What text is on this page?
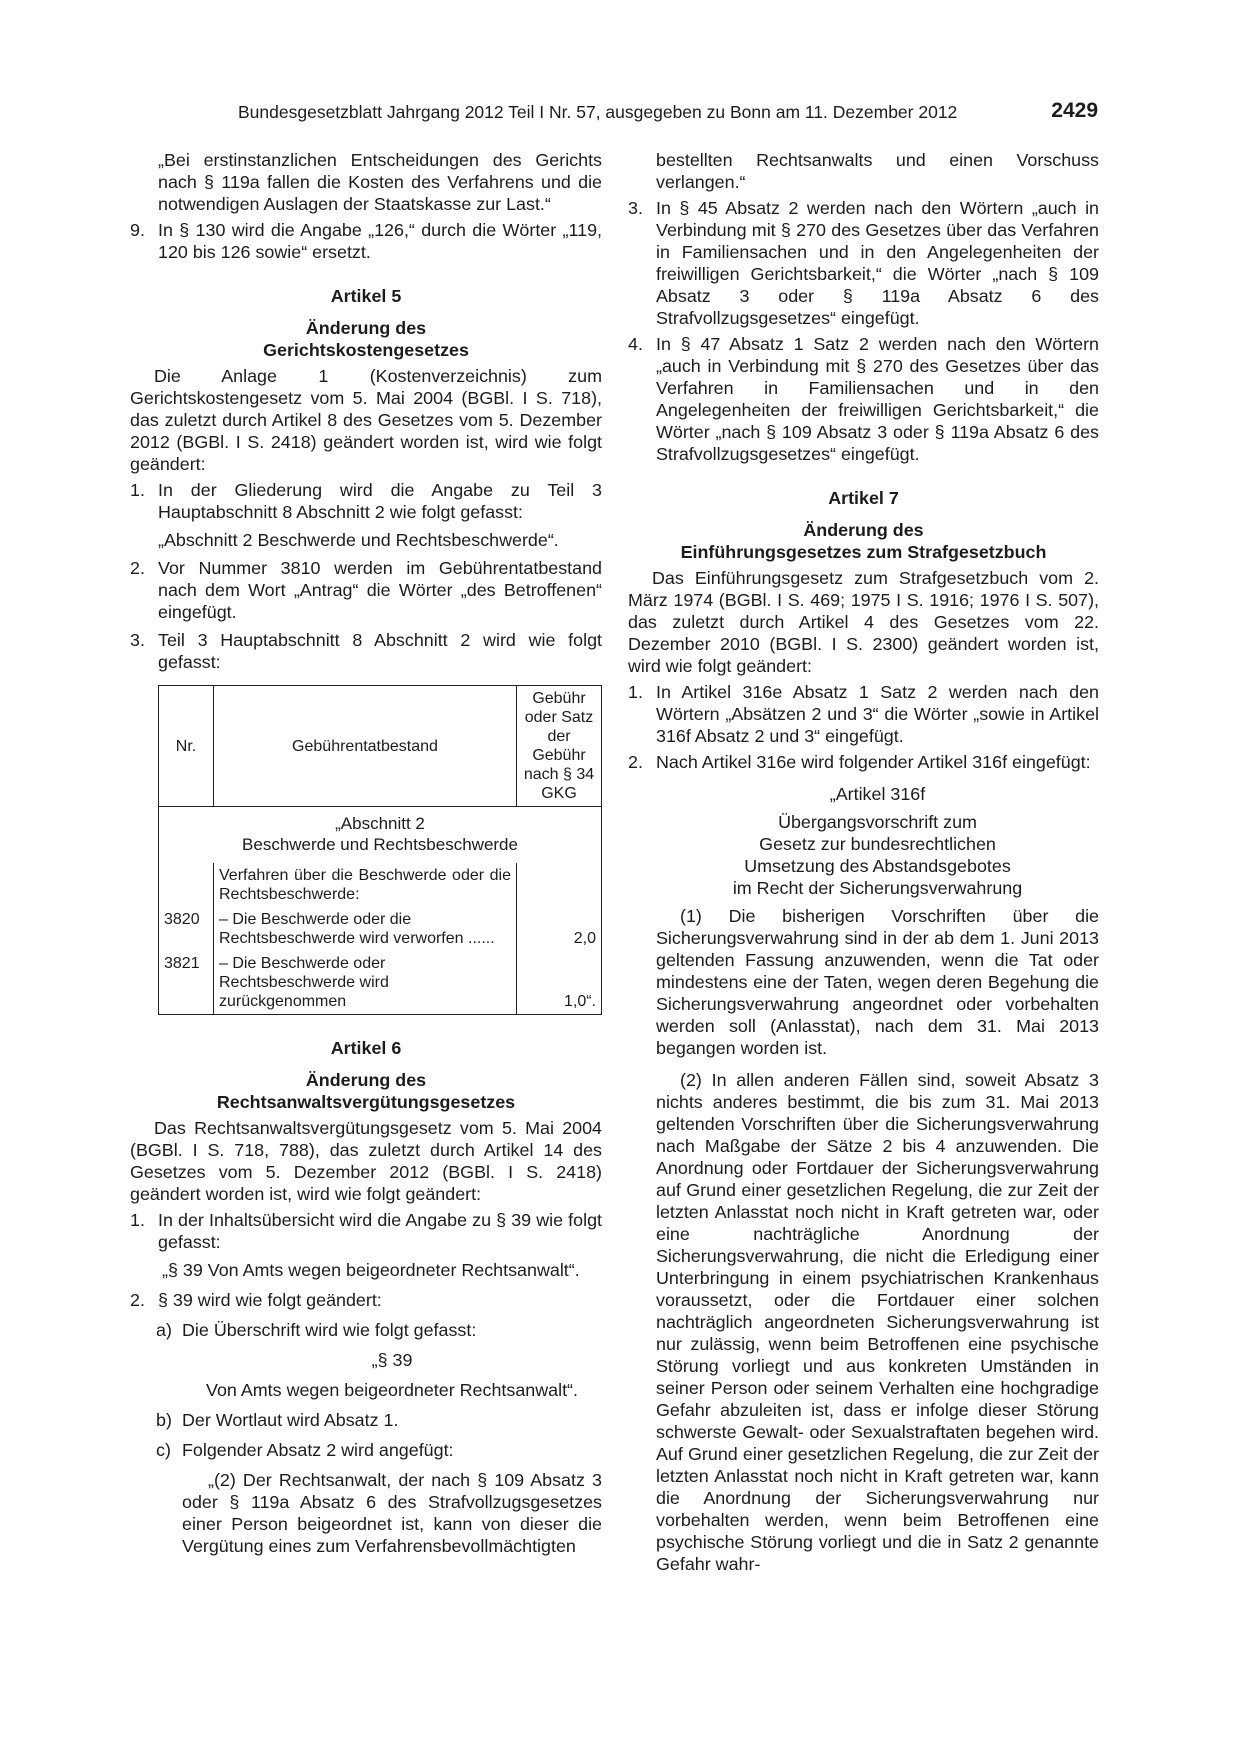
Bundesgesetzblatt Jahrgang 2012 Teil I Nr. 57, ausgegeben zu Bonn am 11. Dezember 2012	2429

„Bei erstinstanzlichen Entscheidungen des Gerichts nach § 119a fallen die Kosten des Verfahrens und die notwendigen Auslagen der Staatskasse zur Last.“

9. In § 130 wird die Angabe „126,“ durch die Wörter „119, 120 bis 126 sowie“ ersetzt.

Artikel 5

Änderung des

Gerichtskostengesetzes

Die Anlage 1 (Kostenverzeichnis) zum Gerichtskostengesetz vom 5. Mai 2004 (BGBl. I S. 718), das zuletzt durch Artikel 8 des Gesetzes vom 5. Dezember 2012 (BGBl. I S. 2418) geändert worden ist, wird wie folgt geändert:

1. In der Gliederung wird die Angabe zu Teil 3 Hauptabschnitt 8 Abschnitt 2 wie folgt gefasst:

„Abschnitt 2 Beschwerde und Rechtsbeschwerde“.

2. Vor Nummer 3810 werden im Gebührentatbestand nach dem Wort „Antrag“ die Wörter „des Betroffenen“ eingefügt.
3. Teil 3 Hauptabschnitt 8 Abschnitt 2 wird wie folgt gefasst:
Nr.	Gebührentatbestand	Gebühr oder Satz der Gebühr nach § 34 GKG

„Abschnitt 2
Beschwerde und Rechtsbeschwerde		

	Verfahren über die Beschwerde oder die Rechtsbeschwerde:	
3820	– Die Beschwerde oder die Rechtsbeschwerde wird verworfen ......	2,0
3821	– Die Beschwerde oder Rechtsbeschwerde wird zurückgenommen	1,0“.

Artikel 6

Änderung des

Rechtsanwaltsvergütungsgesetzes

Das Rechtsanwaltsvergütungsgesetz vom 5. Mai 2004 (BGBl. I S. 718, 788), das zuletzt durch Artikel 14 des Gesetzes vom 5. Dezember 2012 (BGBl. I S. 2418) geändert worden ist, wird wie folgt geändert:

1. In der Inhaltsübersicht wird die Angabe zu § 39 wie folgt gefasst:

„§ 39 Von Amts wegen beigeordneter Rechtsanwalt“.

2. § 39 wird wie folgt geändert:
a) Die Überschrift wird wie folgt gefasst:

„§ 39

Von Amts wegen beigeordneter Rechtsanwalt“.

b) Der Wortlaut wird Absatz 1.
c) Folgender Absatz 2 wird angefügt:

„(2) Der Rechtsanwalt, der nach § 109 Absatz 3 oder § 119a Absatz 6 des Strafvollzugsgesetzes einer Person beigeordnet ist, kann von dieser die Vergütung eines zum Verfahrensbevollmächtigten

bestellten Rechtsanwalts und einen Vorschuss verlangen.“

3. In § 45 Absatz 2 werden nach den Wörtern „auch in Verbindung mit § 270 des Gesetzes über das Verfahren in Familiensachen und in den Angelegenheiten der freiwilligen Gerichtsbarkeit,“ die Wörter „nach § 109 Absatz 3 oder § 119a Absatz 6 des Strafvollzugsgesetzes“ eingefügt.
4. In § 47 Absatz 1 Satz 2 werden nach den Wörtern „auch in Verbindung mit § 270 des Gesetzes über das Verfahren in Familiensachen und in den Angelegenheiten der freiwilligen Gerichtsbarkeit,“ die Wörter „nach § 109 Absatz 3 oder § 119a Absatz 6 des Strafvollzugsgesetzes“ eingefügt.

Artikel 7

Änderung des

Einführungsgesetzes zum Strafgesetzbuch

Das Einführungsgesetz zum Strafgesetzbuch vom 2. März 1974 (BGBl. I S. 469; 1975 I S. 1916; 1976 I S. 507), das zuletzt durch Artikel 4 des Gesetzes vom 22. Dezember 2010 (BGBl. I S. 2300) geändert worden ist, wird wie folgt geändert:

1. In Artikel 316e Absatz 1 Satz 2 werden nach den Wörtern „Absätzen 2 und 3“ die Wörter „sowie in Artikel 316f Absatz 2 und 3“ eingefügt.
2. Nach Artikel 316e wird folgender Artikel 316f eingefügt:

„Artikel 316f

Übergangsvorschrift zum

Gesetz zur bundesrechtlichen

Umsetzung des Abstandsgebotes

im Recht der Sicherungsverwahrung

(1) Die bisherigen Vorschriften über die Sicherungsverwahrung sind in der ab dem 1. Juni 2013 geltenden Fassung anzuwenden, wenn die Tat oder mindestens eine der Taten, wegen deren Begehung die Sicherungsverwahrung angeordnet oder vorbehalten werden soll (Anlasstat), nach dem 31. Mai 2013 begangen worden ist.

(2) In allen anderen Fällen sind, soweit Absatz 3 nichts anderes bestimmt, die bis zum 31. Mai 2013 geltenden Vorschriften über die Sicherungsverwahrung nach Maßgabe der Sätze 2 bis 4 anzuwenden. Die Anordnung oder Fortdauer der Sicherungsverwahrung auf Grund einer gesetzlichen Regelung, die zur Zeit der letzten Anlasstat noch nicht in Kraft getreten war, oder eine nachträgliche Anordnung der Sicherungsverwahrung, die nicht die Erledigung einer Unterbringung in einem psychiatrischen Krankenhaus voraussetzt, oder die Fortdauer einer solchen nachträglich angeordneten Sicherungsverwahrung ist nur zulässig, wenn beim Betroffenen eine psychische Störung vorliegt und aus konkreten Umständen in seiner Person oder seinem Verhalten eine hochgradige Gefahr abzuleiten ist, dass er infolge dieser Störung schwerste Gewalt- oder Sexualstraftaten begehen wird. Auf Grund einer gesetzlichen Regelung, die zur Zeit der letzten Anlasstat noch nicht in Kraft getreten war, kann die Anordnung der Sicherungsverwahrung nur vorbehalten werden, wenn beim Betroffenen eine psychische Störung vorliegt und die in Satz 2 genannte Gefahr wahr-
